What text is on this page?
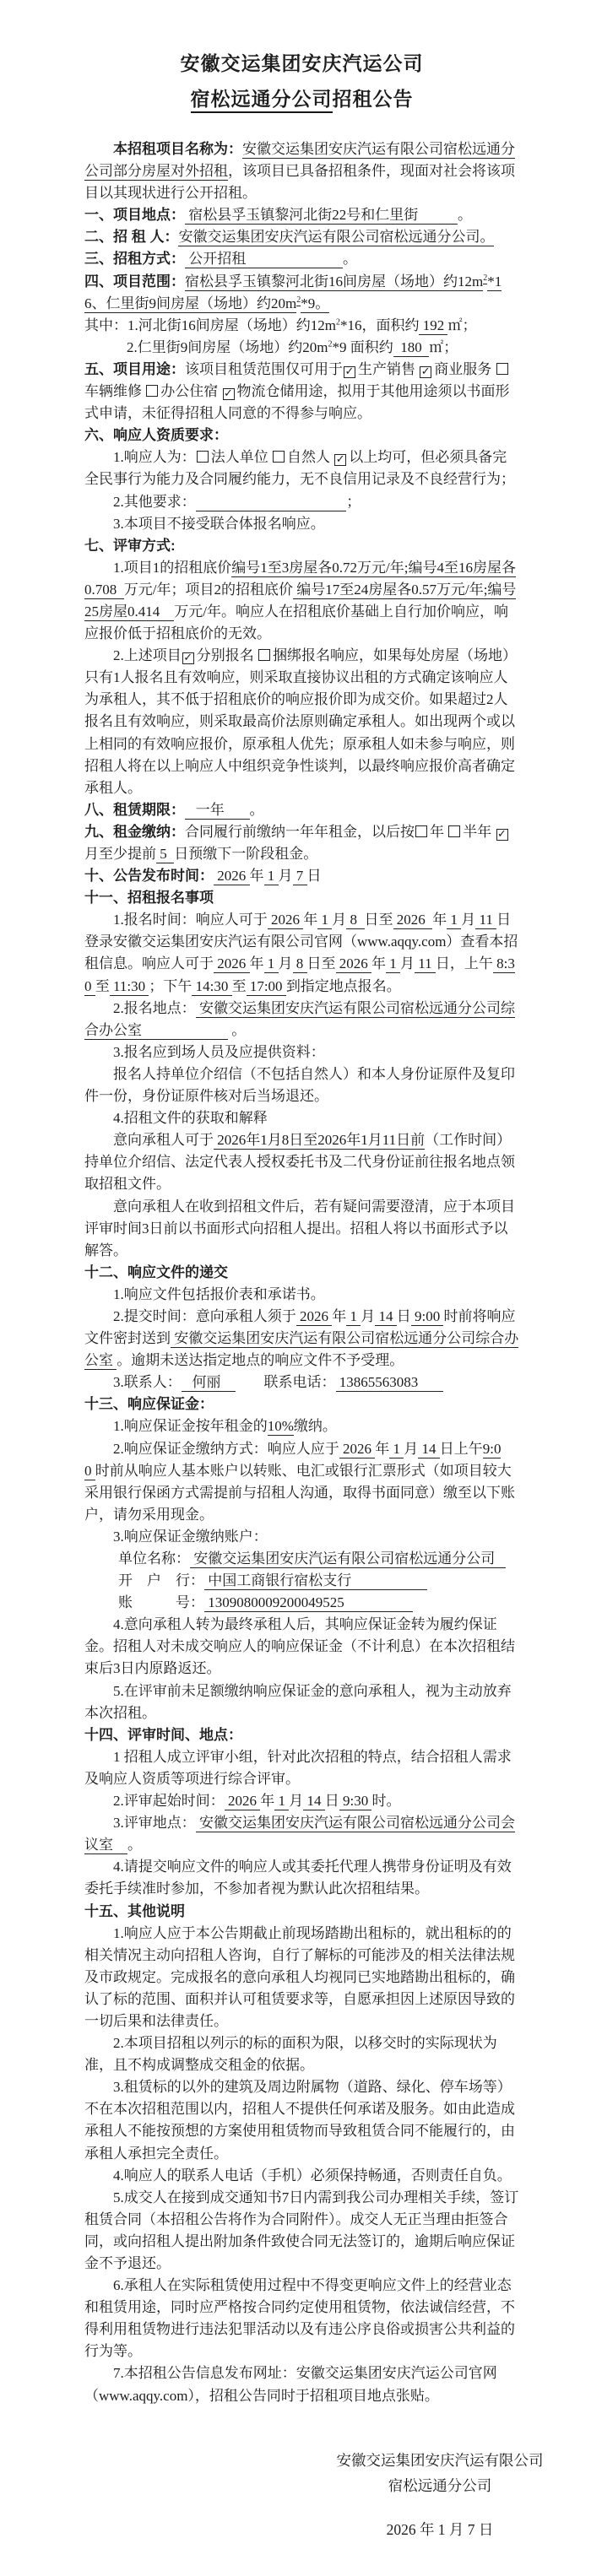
安徽交运集团安庆汽运公司
宿松远通分公司招租公告
本招租项目名称为：安徽交运集团安庆汽运有限公司宿松远通分公司部分房屋对外招租，该项目已具备招租条件，现面对社会将该项目以其现状进行公开招租。
一、项目地点： 宿松县孚玉镇黎河北街22号和仁里街	。
二、招 租 人：安徽交运集团安庆汽运有限公司宿松远通分公司。
三、招租方式： 公开招租	。
四、项目范围：宿松县孚玉镇黎河北街16间房屋（场地）约$12m^2*16$、仁里街9间房屋（场地）约$20m^2*9$。
其中：1.河北街16间房屋（场地）约$12m^2*16$，面积约 192 ㎡；
2.仁里街9间房屋（场地）约$20m^2*9$ 面积约  180  ㎡；
五、项目用途：该项目租赁范围仅可用于 ✓ 生产销售 ✓ 商业服务 车辆维修 办公住宿 ✓ 物流仓储用途，拟用于其他用途须以书面形式申请，未征得招租人同意的不得参与响应。
六、响应人资质要求：
1.响应人为： 法人单位 自然人 ✓ 以上均可，但必须具备完全民事行为能力及合同履约能力，无不良信用记录及不良经营行为；
2.其他要求：	；
3.本项目不接受联合体报名响应。
七、评审方式:
1.项目1的招租底价编号1至3房屋各0.72万元/年;编号4至16房屋各0.708 万元/年；项目2的招租底价 编号17至24房屋各0.57万元/年;编号25房屋0.414 万元/年。响应人在招租底价基础上自行加价响应，响应报价低于招租底价的无效。
2.上述项目 ✓ 分别报名 捆绑报名响应，如果每处房屋（场地）只有1人报名且有效响应，则采取直接协议出租的方式确定该响应人为承租人，其不低于招租底价的响应报价即为成交价。如果超过2人报名且有效响应，则采取最高价法原则确定承租人。如出现两个或以上相同的有效响应报价，原承租人优先；原承租人如未参与响应，则招租人将在以上响应人中组织竞争性谈判，以最终响应报价高者确定承租人。
八、租赁期限：   一年       。
九、租金缴纳：合同履行前缴纳一年年租金，以后按 年 半年 ✓月至少提前 5  日预缴下一阶段租金。
十、公告发布时间： 2026 年 1 月 7 日
十一、招租报名事项
1.报名时间：响应人可于 2026 年 1 月 8  日至 2026  年 1 月 11 日登录安徽交运集团安庆汽运有限公司官网（www.aqqy.com）查看本招租信息。响应人可于 2026 年 1 月 8 日至 2026 年 1 月 11 日，上午 8:30 至 11:30 ；下午 14:30 至 17:00 到指定地点报名。
2.报名地点： 安徽交运集团安庆汽运有限公司宿松远通分公司综合办公室	。
3.报名应到场人员及应提供资料：
报名人持单位介绍信（不包括自然人）和本人身份证原件及复印件一份，身份证原件核对后当场退还。
4.招租文件的获取和解释
意向承租人可于 2026年1月8日至2026年1月11日前（工作时间）持单位介绍信、法定代表人授权委托书及二代身份证前往报名地点领取招租文件。
意向承租人在收到招租文件后，若有疑问需要澄清，应于本项目评审时间3日前以书面形式向招租人提出。招租人将以书面形式予以解答。
十二、响应文件的递交
1.响应文件包括报价表和承诺书。
2.提交时间：意向承租人须于 2026 年 1 月 14 日 9:00 时前将响应文件密封送到 安徽交运集团安庆汽运有限公司宿松远通分公司综合办公室 。逾期未送达指定地点的响应文件不予受理。
3.联系人：   何丽    　　联系电话： 13865563083
十三、响应保证金：
1.响应保证金按年租金的10%缴纳。
2.响应保证金缴纳方式：响应人应于 2026 年 1 月 14 日上午9:00 时前从响应人基本账户以转账、电汇或银行汇票形式（如项目较大采用银行保函方式需提前与招租人沟通，取得书面同意）缴至以下账户，请勿采用现金。
3.响应保证金缴纳账户：
单位名称： 安徽交运集团安庆汽运有限公司宿松远通分公司
开　户　行： 中国工商银行宿松支行
账　　　号： 1309080009200049525
4.意向承租人转为最终承租人后，其响应保证金转为履约保证金。招租人对未成交响应人的响应保证金（不计利息）在本次招租结束后3日内原路返还。
5.在评审前未足额缴纳响应保证金的意向承租人，视为主动放弃本次招租。
十四、评审时间、地点：
1 招租人成立评审小组，针对此次招租的特点，结合招租人需求及响应人资质等项进行综合评审。
2.评审起始时间： 2026 年 1 月 14 日 9:30 时。
3.评审地点： 安徽交运集团安庆汽运有限公司宿松远通分公司会议室    。
4.请提交响应文件的响应人或其委托代理人携带身份证明及有效委托手续准时参加，不参加者视为默认此次招租结果。
十五、其他说明
1.响应人应于本公告期截止前现场踏勘出租标的，就出租标的的相关情况主动向招租人咨询，自行了解标的可能涉及的相关法律法规及市政规定。完成报名的意向承租人均视同已实地踏勘出租标的，确认了标的范围、面积并认可租赁要求等，自愿承担因上述原因导致的一切后果和法律责任。
2.本项目招租以列示的标的面积为限，以移交时的实际现状为准，且不构成调整成交租金的依据。
3.租赁标的以外的建筑及周边附属物（道路、绿化、停车场等）不在本次招租范围以内，招租人不提供任何承诺及服务。如由此造成承租人不能按预想的方案使用租赁物而导致租赁合同不能履行的，由承租人承担完全责任。
4.响应人的联系人电话（手机）必须保持畅通，否则责任自负。
5.成交人在接到成交通知书7日内需到我公司办理相关手续，签订租赁合同（本招租公告将作为合同附件）。成交人无正当理由拒签合同，或向招租人提出附加条件致使合同无法签订的，逾期后响应保证金不予退还。
6.承租人在实际租赁使用过程中不得变更响应文件上的经营业态和租赁用途，同时应严格按合同约定使用租赁物，依法诚信经营，不得利用租赁物进行违法犯罪活动以及有违公序良俗或损害公共利益的行为等。
7.本招租公告信息发布网址：安徽交运集团安庆汽运公司官网（www.aqqy.com），招租公告同时于招租项目地点张贴。
安徽交运集团安庆汽运有限公司
宿松远通分公司
2026 年 1 月 7 日
